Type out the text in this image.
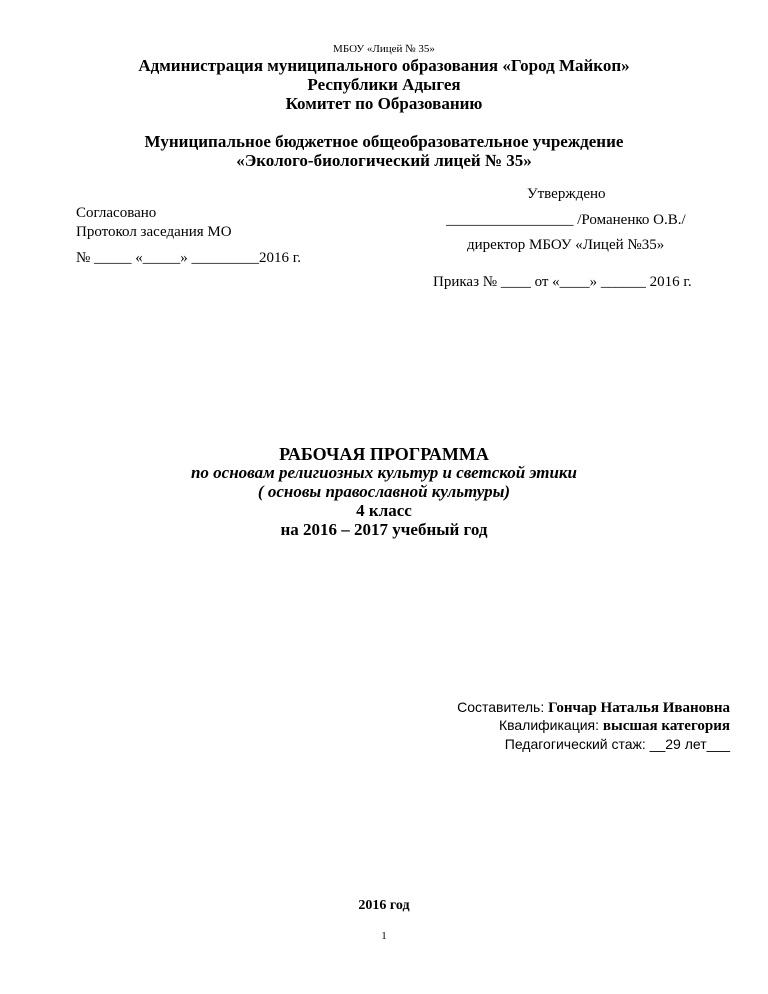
МБОУ «Лицей № 35»
Администрация муниципального образования «Город Майкоп»
Республики Адыгея
Комитет по Образованию
Муниципальное бюджетное общеобразовательное учреждение
«Эколого-биологический лицей № 35»
Согласовано
Протокол заседания МО
№ _____ «_____» _________2016 г.
Утверждено
_________________ /Романенко О.В./
директор МБОУ «Лицей №35»
Приказ № ____ от «____» ______ 2016 г.
РАБОЧАЯ ПРОГРАММА
по основам религиозных культур и светской этики
( основы православной культуры)
4 класс
на 2016 – 2017 учебный год
Составитель: Гончар Наталья Ивановна
Квалификация: высшая категория
Педагогический стаж: __29 лет___
2016 год
1
